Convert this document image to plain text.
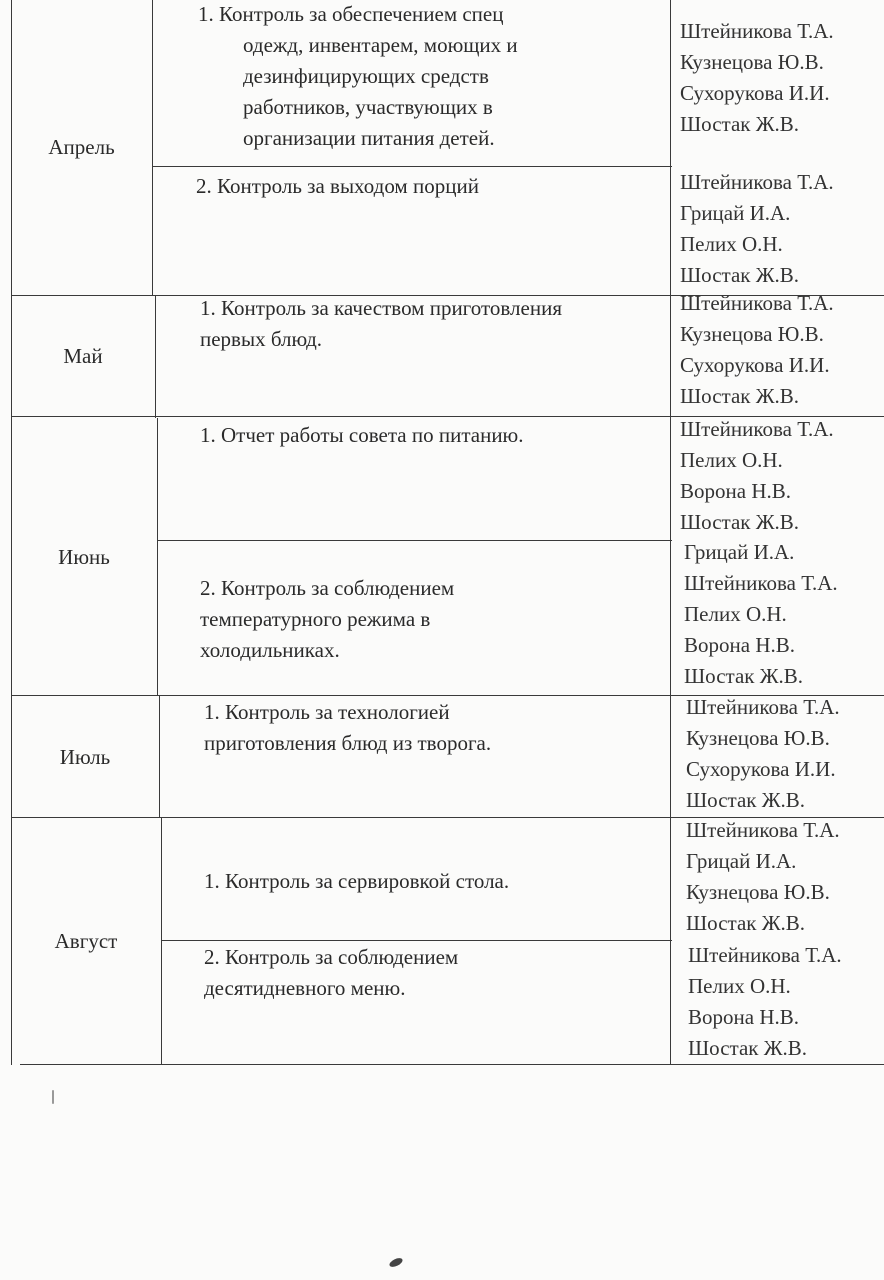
Апрель
1. Контроль за обеспечением спец
одежд, инвентарем, моющих и
дезинфицирующих средств
работников, участвующих в
организации питания детей.
Штейникова Т.А.
Кузнецова Ю.В.
Сухорукова И.И.
Шостак Ж.В.
2. Контроль за выходом порций	Штейникова Т.А.
Грицай И.А.
Пелих О.Н.
Шостак Ж.В.
Май
1. Контроль за качеством приготовления
первых блюд.
Штейникова Т.А.
Кузнецова Ю.В.
Сухорукова И.И.
Шостак Ж.В.
Июнь
1. Отчет работы совета по питанию.	Штейникова Т.А.
Пелих О.Н.
Ворона Н.В.
Шостак Ж.В.
2. Контроль за соблюдением
температурного режима в
холодильниках.
Грицай И.А.
Штейникова Т.А.
Пелих О.Н.
Ворона Н.В.
Шостак Ж.В.
Июль
1. Контроль за технологией
приготовления блюд из творога.
Штейникова Т.А.
Кузнецова Ю.В.
Сухорукова И.И.
Шостак Ж.В.
Август
1. Контроль за сервировкой стола.
Штейникова Т.А.
Грицай И.А.
Кузнецова Ю.В.
Шостак Ж.В.
2. Контроль за соблюдением
десятидневного меню.
Штейникова Т.А.
Пелих О.Н.
Ворона Н.В.
Шостак Ж.В.
